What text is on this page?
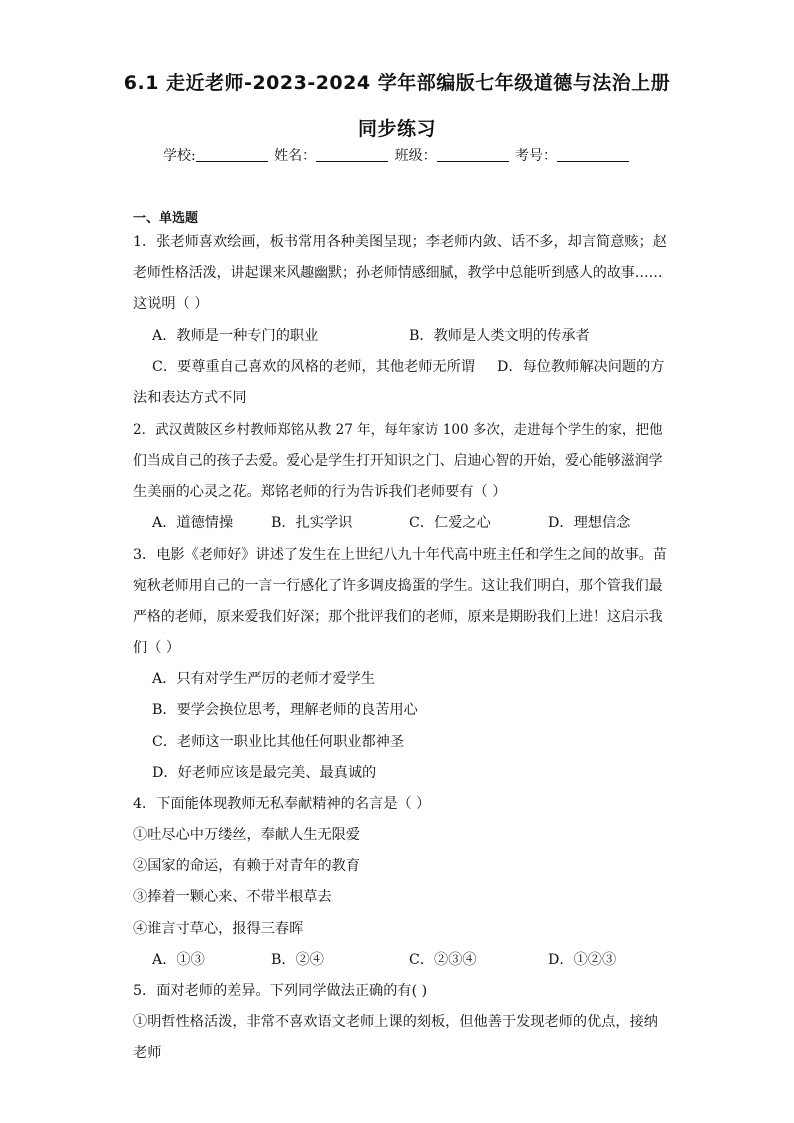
6.1 走近老师-2023-2024 学年部编版七年级道德与法治上册
同步练习
学校:	姓名：	班级：	考号：
一、单选题
1．张老师喜欢绘画，板书常用各种美图呈现；李老师内敛、话不多，却言简意赅；赵
老师性格活泼，讲起课来风趣幽默；孙老师情感细腻，教学中总能听到感人的故事……
这说明（ ）
A．教师是一种专门的职业	B．教师是人类文明的传承者
C．要尊重自己喜欢的风格的老师，其他老师无所谓 D．每位教师解决问题的方
法和表达方式不同
2．武汉黄陂区乡村教师郑铭从教 27 年，每年家访 100 多次，走进每个学生的家，把他
们当成自己的孩子去爱。爱心是学生打开知识之门、启迪心智的开始，爱心能够滋润学
生美丽的心灵之花。郑铭老师的行为告诉我们老师要有（ ）
A．道德情操	B．扎实学识	C．仁爱之心	D．理想信念
3．电影《老师好》讲述了发生在上世纪八九十年代高中班主任和学生之间的故事。苗
宛秋老师用自己的一言一行感化了许多调皮捣蛋的学生。这让我们明白，那个管我们最
严格的老师，原来爱我们好深；那个批评我们的老师，原来是期盼我们上进！这启示我
们（ ）
A．只有对学生严厉的老师才爱学生
B．要学会换位思考，理解老师的良苦用心
C．老师这一职业比其他任何职业都神圣
D．好老师应该是最完美、最真诚的
4．下面能体现教师无私奉献精神的名言是（ ）
①吐尽心中万缕丝，奉献人生无限爱
②国家的命运，有赖于对青年的教育
③捧着一颗心来、不带半根草去
④谁言寸草心，报得三春晖
A．①③	B．②④	C．②③④	D．①②③
5．面对老师的差异。下列同学做法正确的有( )
①明哲性格活泼，非常不喜欢语文老师上课的刻板，但他善于发现老师的优点，接纳
老师
